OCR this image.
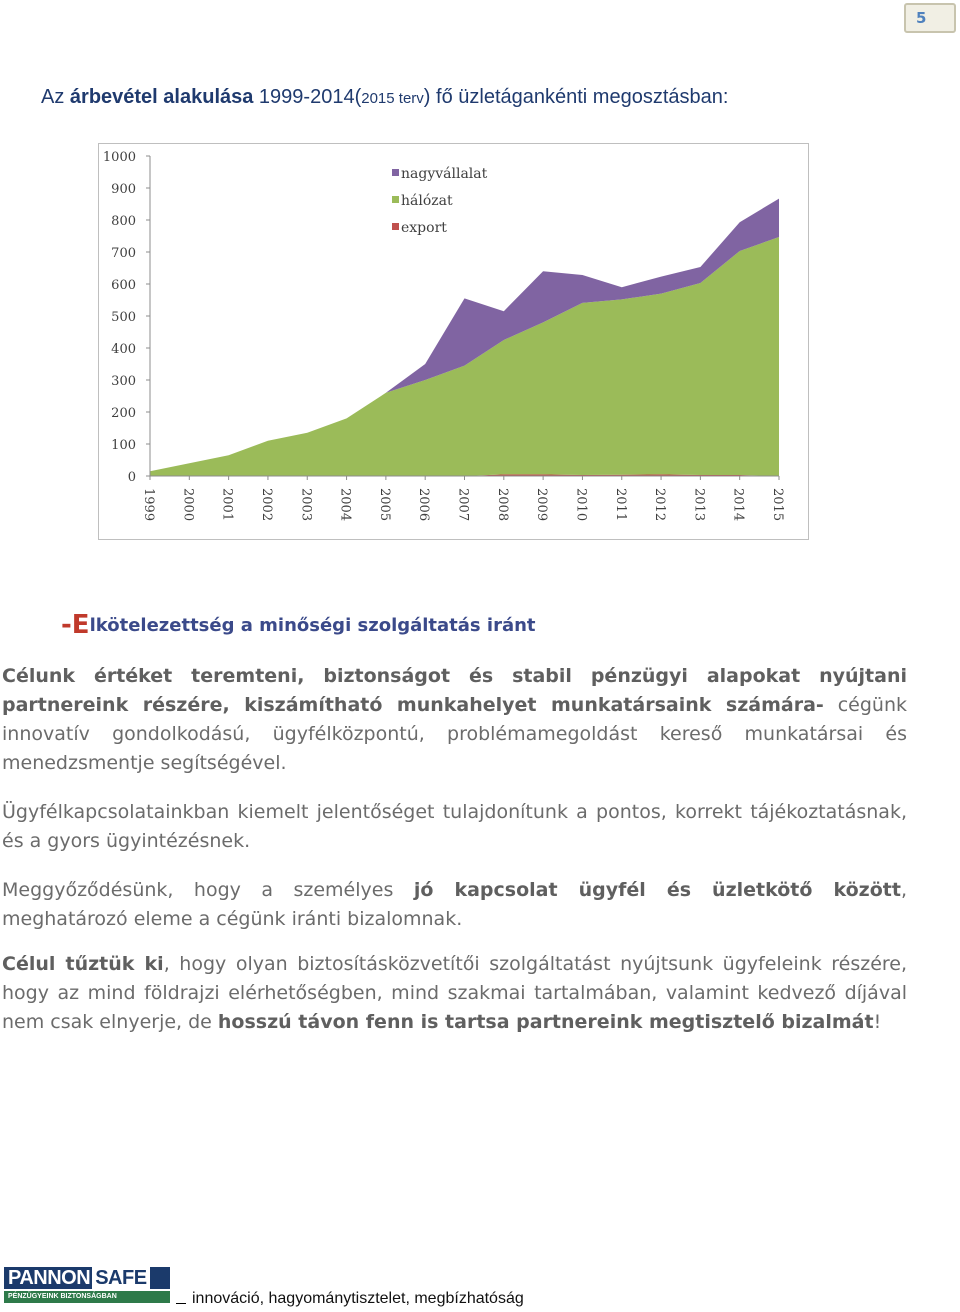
5
Az árbevétel alakulása 1999-2014(2015 terv) fő üzletágankénti megosztásban:
1000
900
800
700
600
500
400
300
200
100
0
1999 2000 2001 2002 2003 2004 2005 2006 2007 2008 2009 2010 2011 2012 2013 2014 2015
nagyvállalat
hálózat
export
-Elkötelezettség a minőségi szolgáltatás iránt
Célunk értéket teremteni, biztonságot és stabil pénzügyi alapokat nyújtani partnereink részére, kiszámítható munkahelyet munkatársaink számára- cégünk innovatív gondolkodású, ügyfélközpontú, problémamegoldást kereső munkatársai és menedzsmentje segítségével.
Ügyfélkapcsolatainkban kiemelt jelentőséget tulajdonítunk a pontos, korrekt tájékoztatásnak, és a gyors ügyintézésnek.
Meggyőződésünk, hogy a személyes jó kapcsolat ügyfél és üzletkötő között, meghatározó eleme a cégünk iránti bizalomnak.
Célul tűztük ki, hogy olyan biztosításközvetítői szolgáltatást nyújtsunk ügyfeleink részére, hogy az mind földrajzi elérhetőségben, mind szakmai tartalmában, valamint kedvező díjával nem csak elnyerje, de hosszú távon fenn is tartsa partnereink megtisztelő bizalmát!
PANNON SAFE
PÉNZÜGYEINK BIZTONSÁGBAN	innováció, hagyománytisztelet, megbízhatóság
